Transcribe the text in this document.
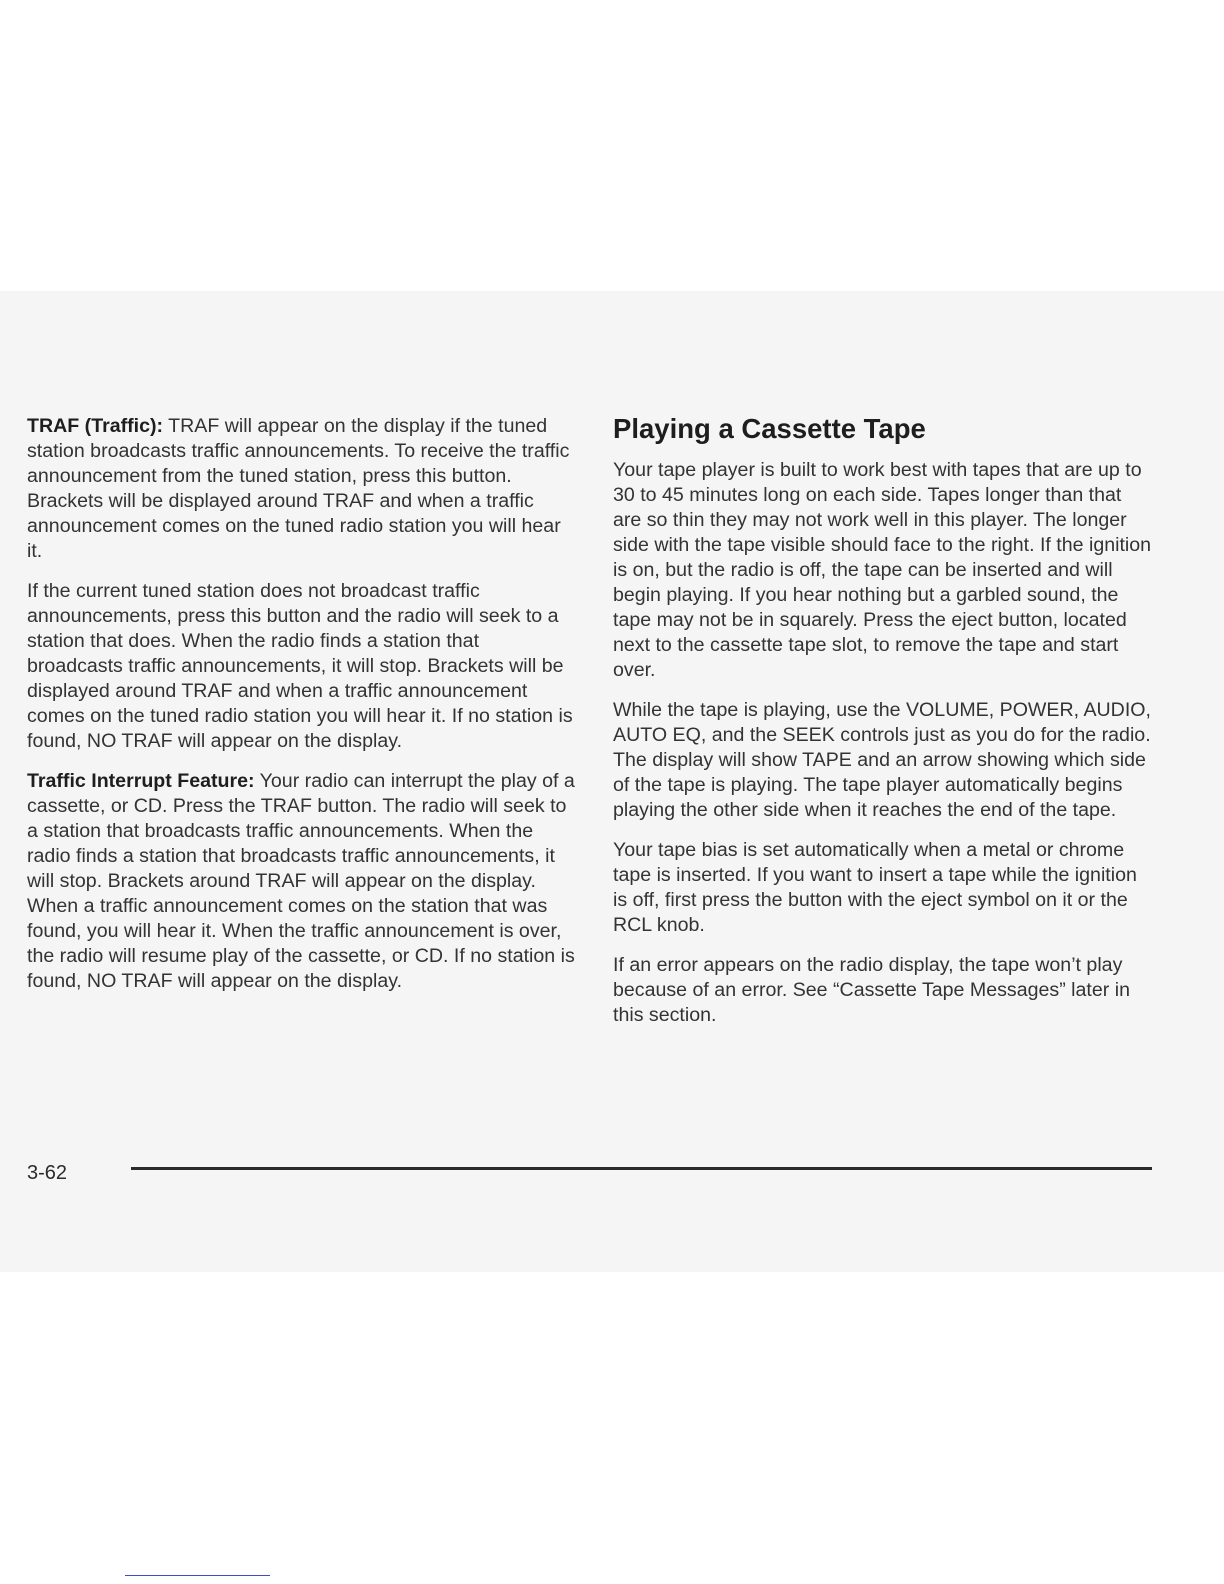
TRAF (Traffic): TRAF will appear on the display if the tuned station broadcasts traffic announcements. To receive the traffic announcement from the tuned station, press this button. Brackets will be displayed around TRAF and when a traffic announcement comes on the tuned radio station you will hear it.

If the current tuned station does not broadcast traffic announcements, press this button and the radio will seek to a station that does. When the radio finds a station that broadcasts traffic announcements, it will stop. Brackets will be displayed around TRAF and when a traffic announcement comes on the tuned radio station you will hear it. If no station is found, NO TRAF will appear on the display.

Traffic Interrupt Feature: Your radio can interrupt the play of a cassette, or CD. Press the TRAF button. The radio will seek to a station that broadcasts traffic announcements. When the radio finds a station that broadcasts traffic announcements, it will stop. Brackets around TRAF will appear on the display. When a traffic announcement comes on the station that was found, you will hear it. When the traffic announcement is over, the radio will resume play of the cassette, or CD. If no station is found, NO TRAF will appear on the display.

Playing a Cassette Tape

Your tape player is built to work best with tapes that are up to 30 to 45 minutes long on each side. Tapes longer than that are so thin they may not work well in this player. The longer side with the tape visible should face to the right. If the ignition is on, but the radio is off, the tape can be inserted and will begin playing. If you hear nothing but a garbled sound, the tape may not be in squarely. Press the eject button, located next to the cassette tape slot, to remove the tape and start over.

While the tape is playing, use the VOLUME, POWER, AUDIO, AUTO EQ, and the SEEK controls just as you do for the radio. The display will show TAPE and an arrow showing which side of the tape is playing. The tape player automatically begins playing the other side when it reaches the end of the tape.

Your tape bias is set automatically when a metal or chrome tape is inserted. If you want to insert a tape while the ignition is off, first press the button with the eject symbol on it or the RCL knob.

If an error appears on the radio display, the tape won’t play because of an error. See “Cassette Tape Messages” later in this section.

3-62
